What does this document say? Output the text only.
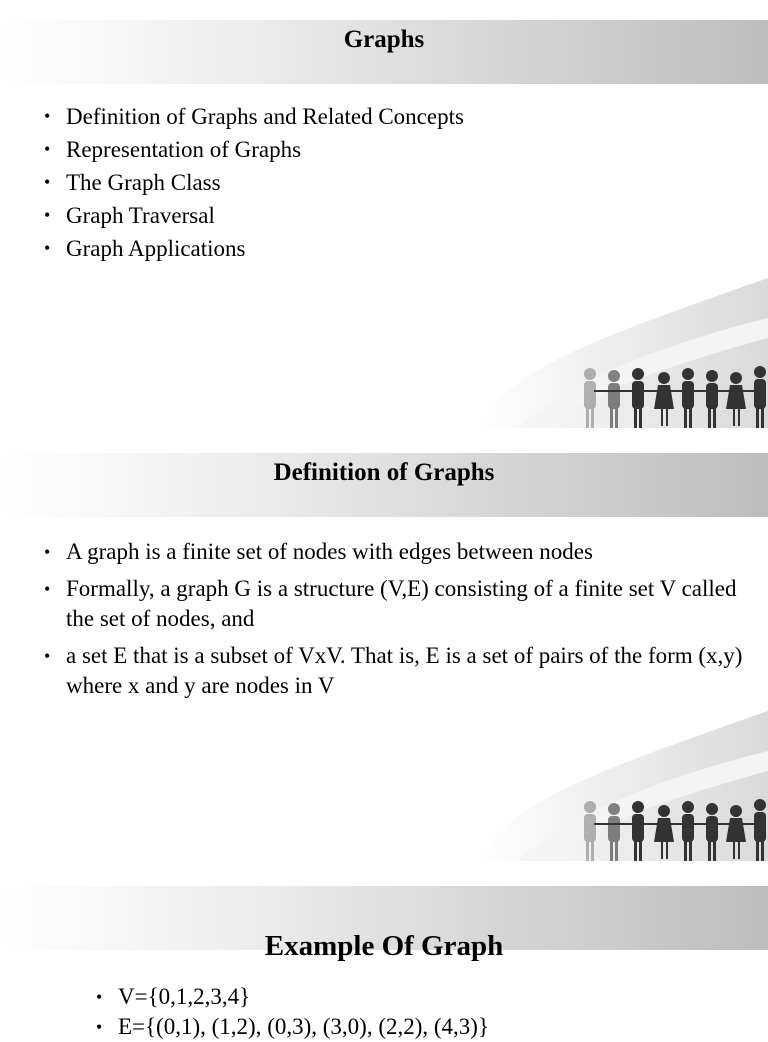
Graphs
• Definition of Graphs and Related Concepts
• Representation of Graphs
• The Graph Class
• Graph Traversal
• Graph Applications
Definition of Graphs
• A graph is a finite set of nodes with edges between nodes
• Formally, a graph G is a structure (V,E) consisting of a finite set V called the set of nodes, and
• a set E that is a subset of VxV. That is, E is a set of pairs of the form (x,y) where x and y are nodes in V
Example Of Graph
• V={0,1,2,3,4}
• E={(0,1), (1,2), (0,3), (3,0), (2,2), (4,3)}
